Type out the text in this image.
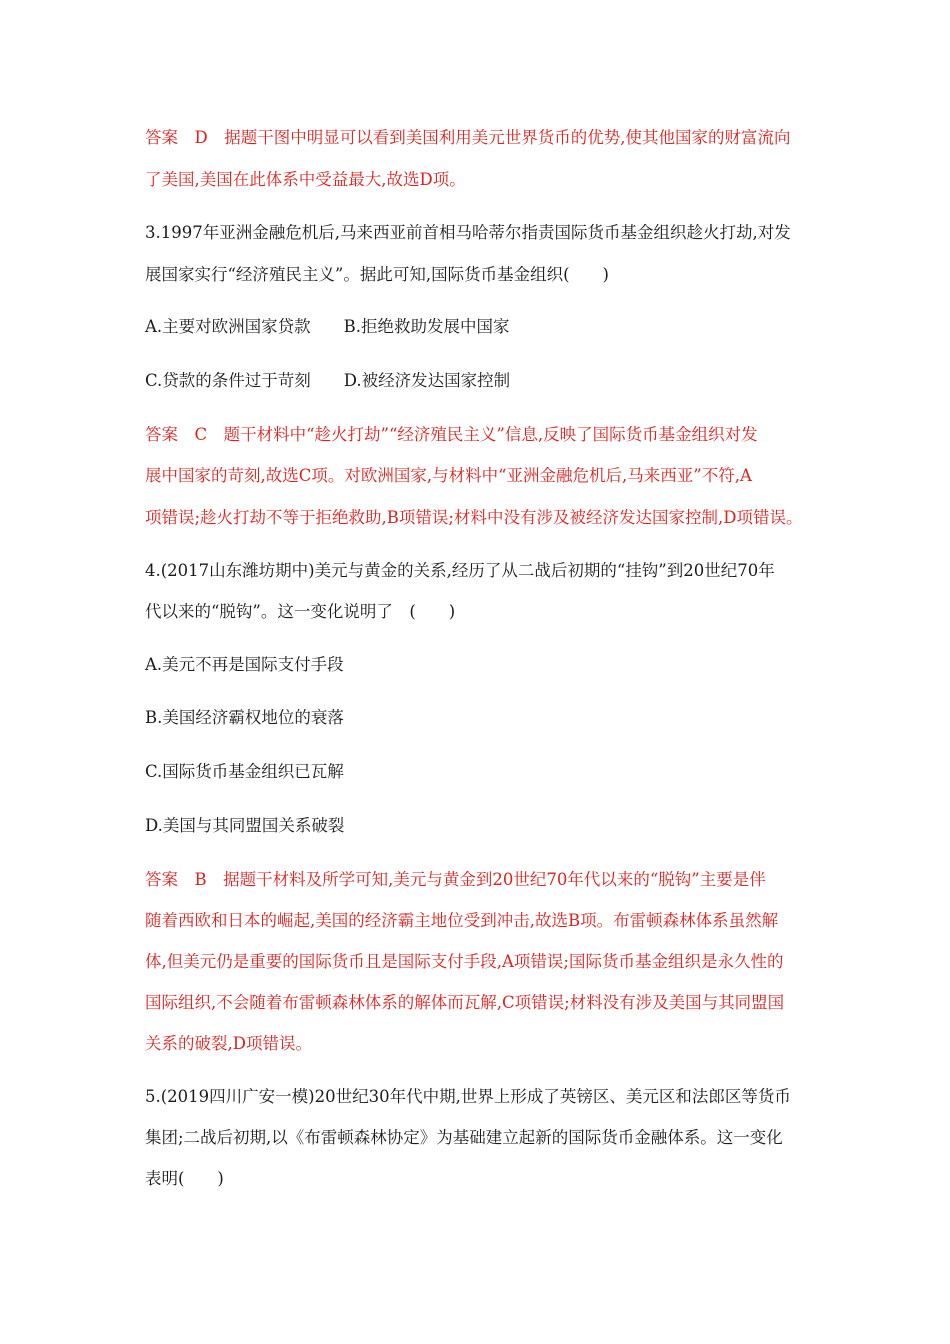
答案　D　据题干图中明显可以看到美国利用美元世界货币的优势,使其他国家的财富流向
了美国,美国在此体系中受益最大,故选D项。
3.1997年亚洲金融危机后,马来西亚前首相马哈蒂尔指责国际货币基金组织趁火打劫,对发
展国家实行“经济殖民主义”。据此可知,国际货币基金组织(　　)
A.主要对欧洲国家贷款　　B.拒绝救助发展中国家
C.贷款的条件过于苛刻　　D.被经济发达国家控制
答案　C　题干材料中“趁火打劫”“经济殖民主义”信息,反映了国际货币基金组织对发
展中国家的苛刻,故选C项。对欧洲国家,与材料中“亚洲金融危机后,马来西亚”不符,A
项错误;趁火打劫不等于拒绝救助,B项错误;材料中没有涉及被经济发达国家控制,D项错误。
4.(2017山东潍坊期中)美元与黄金的关系,经历了从二战后初期的“挂钩”到20世纪70年
代以来的“脱钩”。这一变化说明了　(　　)
A.美元不再是国际支付手段
B.美国经济霸权地位的衰落
C.国际货币基金组织已瓦解
D.美国与其同盟国关系破裂
答案　B　据题干材料及所学可知,美元与黄金到20世纪70年代以来的“脱钩”主要是伴
随着西欧和日本的崛起,美国的经济霸主地位受到冲击,故选B项。布雷顿森林体系虽然解
体,但美元仍是重要的国际货币且是国际支付手段,A项错误;国际货币基金组织是永久性的
国际组织,不会随着布雷顿森林体系的解体而瓦解,C项错误;材料没有涉及美国与其同盟国
关系的破裂,D项错误。
5.(2019四川广安一模)20世纪30年代中期,世界上形成了英镑区、美元区和法郎区等货币
集团;二战后初期,以《布雷顿森林协定》为基础建立起新的国际货币金融体系。这一变化
表明(　　)
